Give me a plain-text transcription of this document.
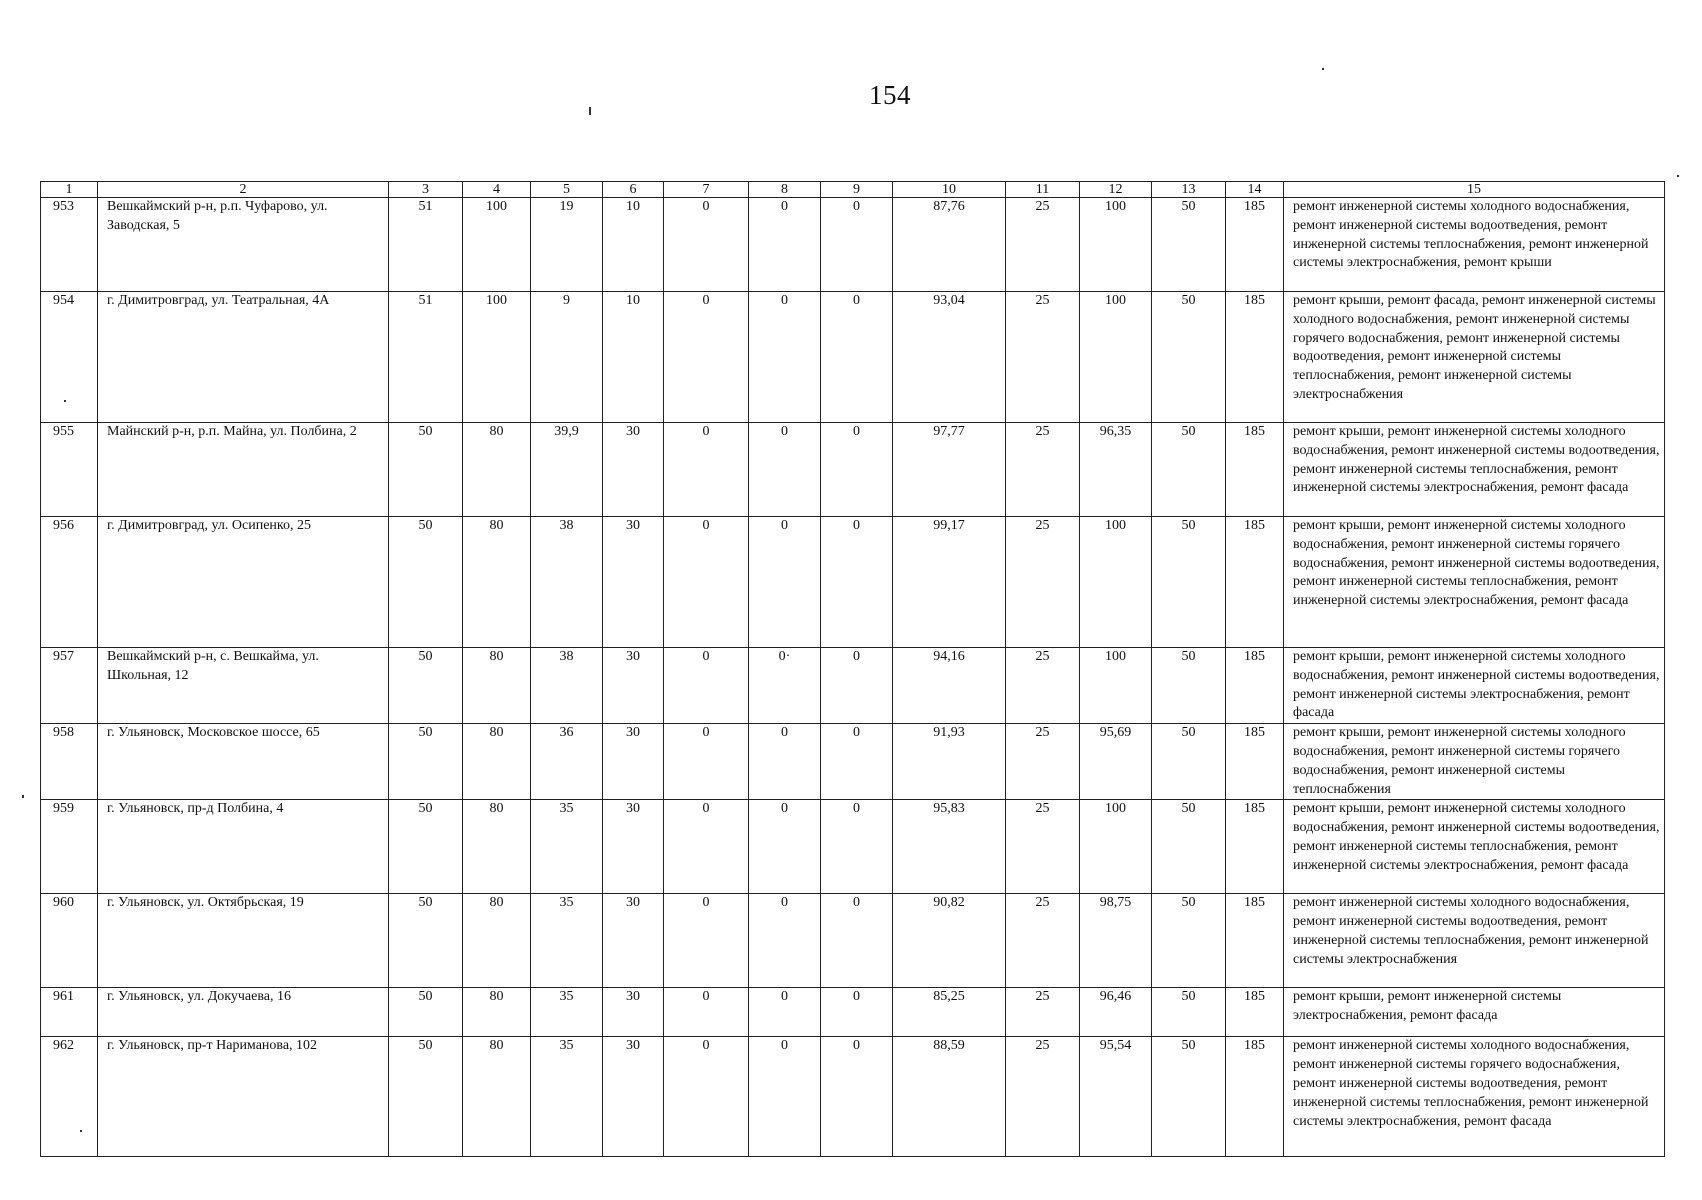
154
1	2	3	4	5	6	7	8	9	10	11	12	13	14	15
953	Вешкаймский р-н, р.п. Чуфарово, ул. Заводская, 5	51	100	19	10	0	0	0	87,76	25	100	50	185	ремонт инженерной системы холодного водоснабжения, ремонт инженерной системы водоотведения, ремонт инженерной системы теплоснабжения, ремонт инженерной системы электроснабжения, ремонт крыши
954	г. Димитровград, ул. Театральная, 4А	51	100	9	10	0	0	0	93,04	25	100	50	185	ремонт крыши, ремонт фасада, ремонт инженерной системы холодного водоснабжения, ремонт инженерной системы горячего водоснабжения, ремонт инженерной системы водоотведения, ремонт инженерной системы теплоснабжения, ремонт инженерной системы электроснабжения
955	Майнский р-н, р.п. Майна, ул. Полбина, 2	50	80	39,9	30	0	0	0	97,77	25	96,35	50	185	ремонт крыши, ремонт инженерной системы холодного водоснабжения, ремонт инженерной системы водоотведения, ремонт инженерной системы теплоснабжения, ремонт инженерной системы электроснабжения, ремонт фасада
956	г. Димитровград, ул. Осипенко, 25	50	80	38	30	0	0	0	99,17	25	100	50	185	ремонт крыши, ремонт инженерной системы холодного водоснабжения, ремонт инженерной системы горячего водоснабжения, ремонт инженерной системы водоотведения, ремонт инженерной системы теплоснабжения, ремонт инженерной системы электроснабжения, ремонт фасада
957	Вешкаймский р-н, с. Вешкайма, ул. Школьная, 12	50	80	38	30	0	0·	0	94,16	25	100	50	185	ремонт крыши, ремонт инженерной системы холодного водоснабжения, ремонт инженерной системы водоотведения, ремонт инженерной системы электроснабжения, ремонт фасада
958	г. Ульяновск, Московское шоссе, 65	50	80	36	30	0	0	0	91,93	25	95,69	50	185	ремонт крыши, ремонт инженерной системы холодного водоснабжения, ремонт инженерной системы горячего водоснабжения, ремонт инженерной системы теплоснабжения
959	г. Ульяновск, пр-д Полбина, 4	50	80	35	30	0	0	0	95,83	25	100	50	185	ремонт крыши, ремонт инженерной системы холодного водоснабжения, ремонт инженерной системы водоотведения, ремонт инженерной системы теплоснабжения, ремонт инженерной системы электроснабжения, ремонт фасада
960	г. Ульяновск, ул. Октябрьская, 19	50	80	35	30	0	0	0	90,82	25	98,75	50	185	ремонт инженерной системы холодного водоснабжения, ремонт инженерной системы водоотведения, ремонт инженерной системы теплоснабжения, ремонт инженерной системы электроснабжения
961	г. Ульяновск, ул. Докучаева, 16	50	80	35	30	0	0	0	85,25	25	96,46	50	185	ремонт крыши, ремонт инженерной системы электроснабжения, ремонт фасада
962	г. Ульяновск, пр-т Нариманова, 102	50	80	35	30	0	0	0	88,59	25	95,54	50	185	ремонт инженерной системы холодного водоснабжения, ремонт инженерной системы горячего водоснабжения, ремонт инженерной системы водоотведения, ремонт инженерной системы теплоснабжения, ремонт инженерной системы электроснабжения, ремонт фасада
